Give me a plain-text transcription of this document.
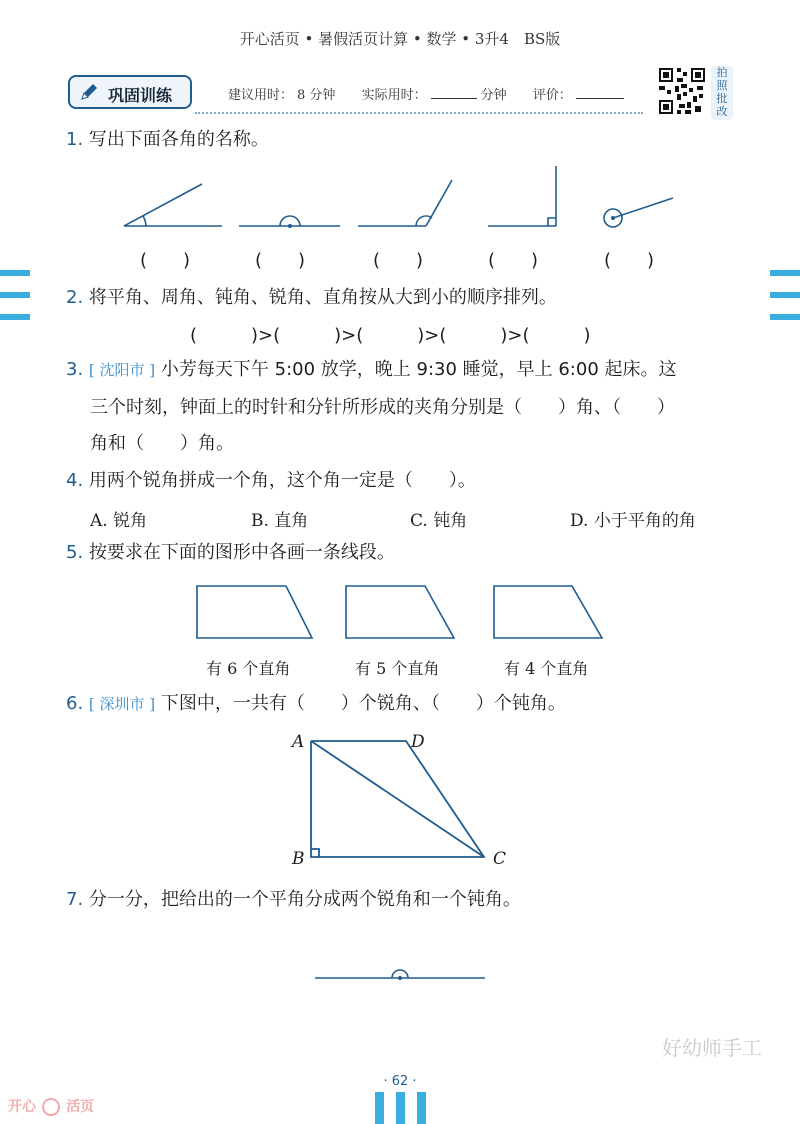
开心活页 • 暑假活页计算 • 数学 • 3升4　BS版
巩固训练	建议用时： 8 分钟 实际用时：	分钟 评价：
拍
照
批
改
1. 写出下面各角的名称。
(　　)	(　　)	(　　)	(　　)	(　　)
2. 将平角、周角、钝角、锐角、直角按从大到小的顺序排列。
(　　　)>(　　　)>(　　　)>(　　　)>(　　　)
3. [ 沈阳市 ] 小芳每天下午 5:00 放学，晚上 9:30 睡觉，早上 6:00 起床。这
三个时刻，钟面上的时针和分针所形成的夹角分别是（　　）角、（　　）
角和（　　）角。
4. 用两个锐角拼成一个角，这个角一定是（　　）。
A. 锐角	B. 直角	C. 钝角	D. 小于平角的角
5. 按要求在下面的图形中各画一条线段。
有 6 个直角	有 5 个直角	有 4 个直角
6. [ 深圳市 ] 下图中，一共有（　　）个锐角、（　　）个钝角。
A	D
B	C
7. 分一分，把给出的一个平角分成两个锐角和一个钝角。
好幼师手工
· 62 ·
开心 活页
